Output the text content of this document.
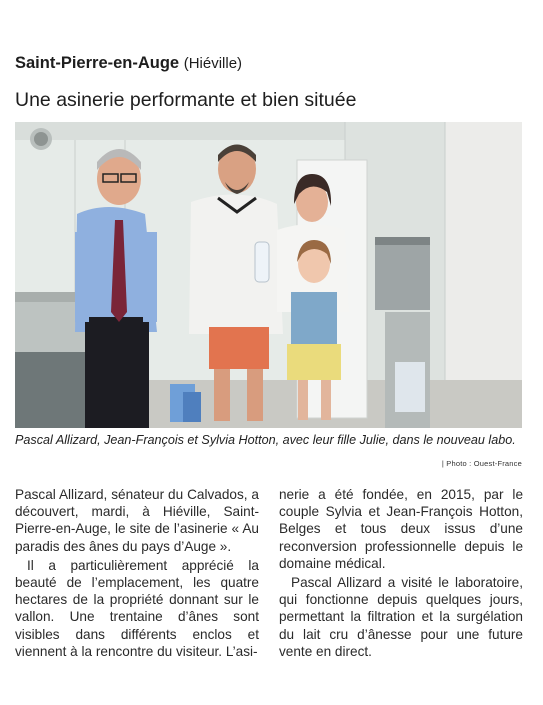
Saint-Pierre-en-Auge (Hiéville)
Une asinerie performante et bien située
Pascal Allizard, Jean-François et Sylvia Hotton, avec leur fille Julie, dans le nouveau labo.
| Photo : Ouest-France

Pascal Allizard, sénateur du Calvados, a découvert, mardi, à Hiéville, Saint-Pierre-en-Auge, le site de l’asinerie « Au paradis des ânes du pays d’Auge ».

Il a particulièrement apprécié la beauté de l’emplacement, les quatre hectares de la propriété donnant sur le vallon. Une trentaine d’ânes sont visibles dans différents enclos et viennent à la rencontre du visiteur. L’asi-

nerie a été fondée, en 2015, par le couple Sylvia et Jean-François Hotton, Belges et tous deux issus d’une reconversion professionnelle depuis le domaine médical.

Pascal Allizard a visité le laboratoire, qui fonctionne depuis quelques jours, permettant la filtration et la surgélation du lait cru d’ânesse pour une future vente en direct.
